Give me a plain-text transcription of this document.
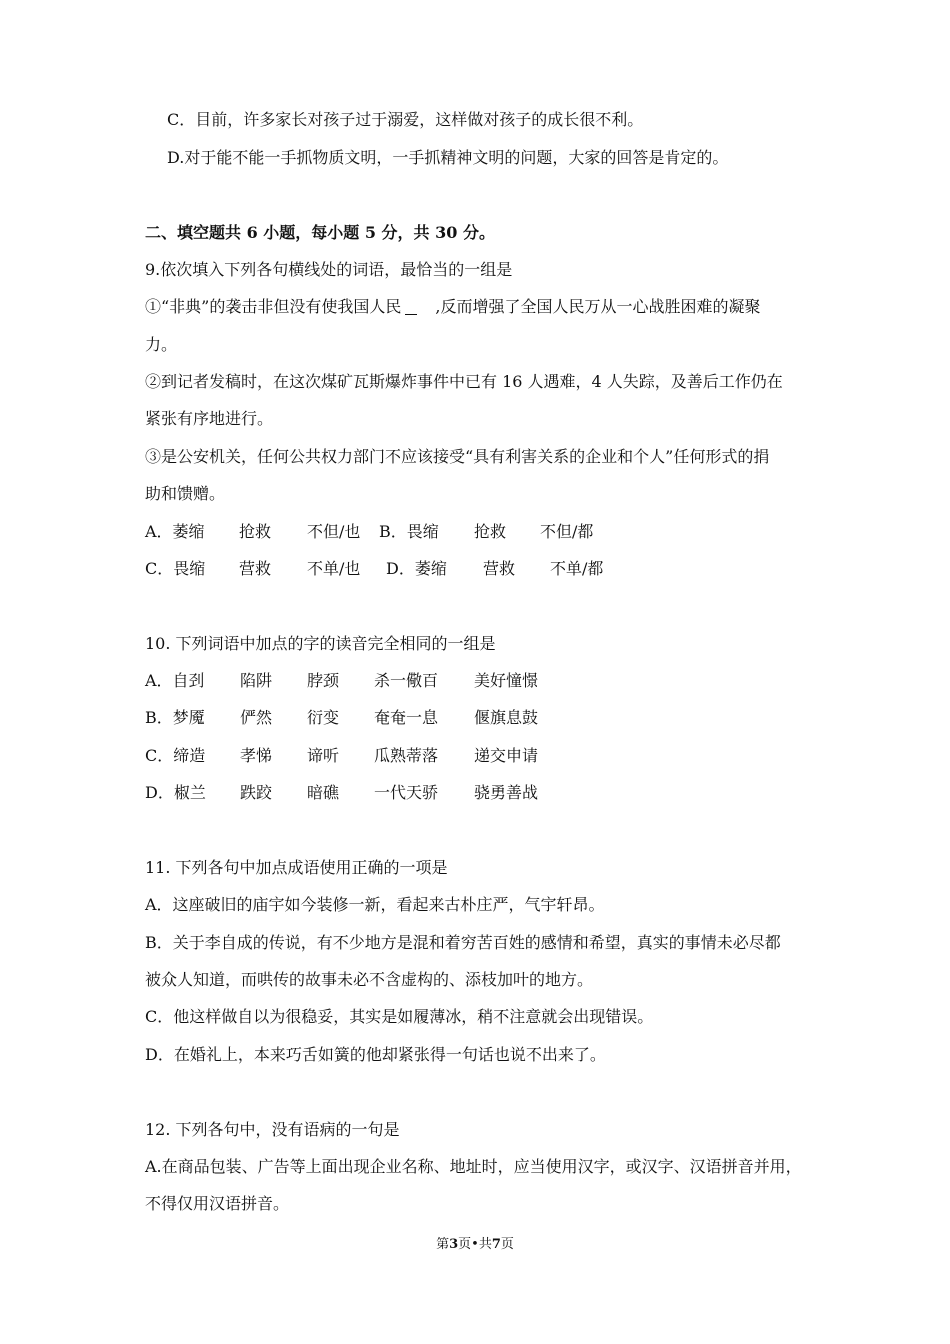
C．目前，许多家长对孩子过于溺爱，这样做对孩子的成长很不利。
D.对于能不能一手抓物质文明，一手抓精神文明的问题，大家的回答是肯定的。
二、填空题共 6 小题，每小题 5 分，共 30 分。
9.依次填入下列各句横线处的词语，最恰当的一组是
①“非典”的袭击非但没有使我国人民 ,反而增强了全国人民万从一心战胜困难的凝聚
力。
②到记者发稿时，在这次煤矿瓦斯爆炸事件中已有 16 人遇难，4 人失踪，及善后工作仍在
紧张有序地进行。
③是公安机关，任何公共权力部门不应该接受“具有利害关系的企业和个人”任何形式的捐
助和馈赠。
A．萎缩 抢救 不但/也 B．畏缩 抢救 不但/都
C．畏缩 营救 不单/也 D．萎缩 营救 不单/都
10. 下列词语中加点的字的读音完全相同的一组是
A．自刭 陷阱 脖颈 杀一儆百 美好憧憬
B．梦魇 俨然 衍变 奄奄一息 偃旗息鼓
C．缔造 孝悌 谛听 瓜熟蒂落 递交申请
D．椒兰 跌跤 暗礁 一代天骄 骁勇善战
11. 下列各句中加点成语使用正确的一项是
A．这座破旧的庙宇如今装修一新，看起来古朴庄严，气宇轩昂。
B．关于李自成的传说，有不少地方是混和着穷苦百姓的感情和希望，真实的事情未必尽都
被众人知道，而哄传的故事未必不含虚构的、添枝加叶的地方。
C．他这样做自以为很稳妥，其实是如履薄冰，稍不注意就会出现错误。
D．在婚礼上，本来巧舌如簧的他却紧张得一句话也说不出来了。
12. 下列各句中，没有语病的一句是
A.在商品包装、广告等上面出现企业名称、地址时，应当使用汉字，或汉字、汉语拼音并用，
不得仅用汉语拼音。
第3页•共7页
